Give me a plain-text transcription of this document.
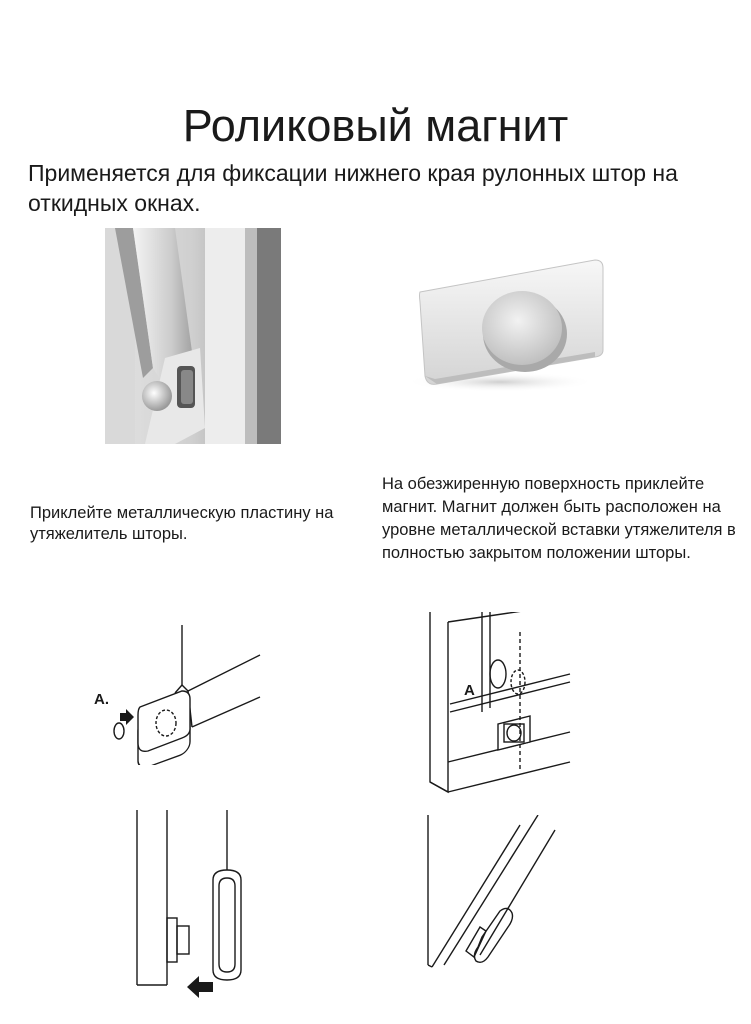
Роликовый магнит
Применяется для фиксации нижнего края рулонных штор на откидных окнах.
Приклейте металлическую пластину на утяжелитель шторы.
На обезжиренную поверхность приклейте магнит. Магнит должен быть расположен на уровне металлической вставки утяжелителя в полностью закрытом положении шторы.
A.
A
